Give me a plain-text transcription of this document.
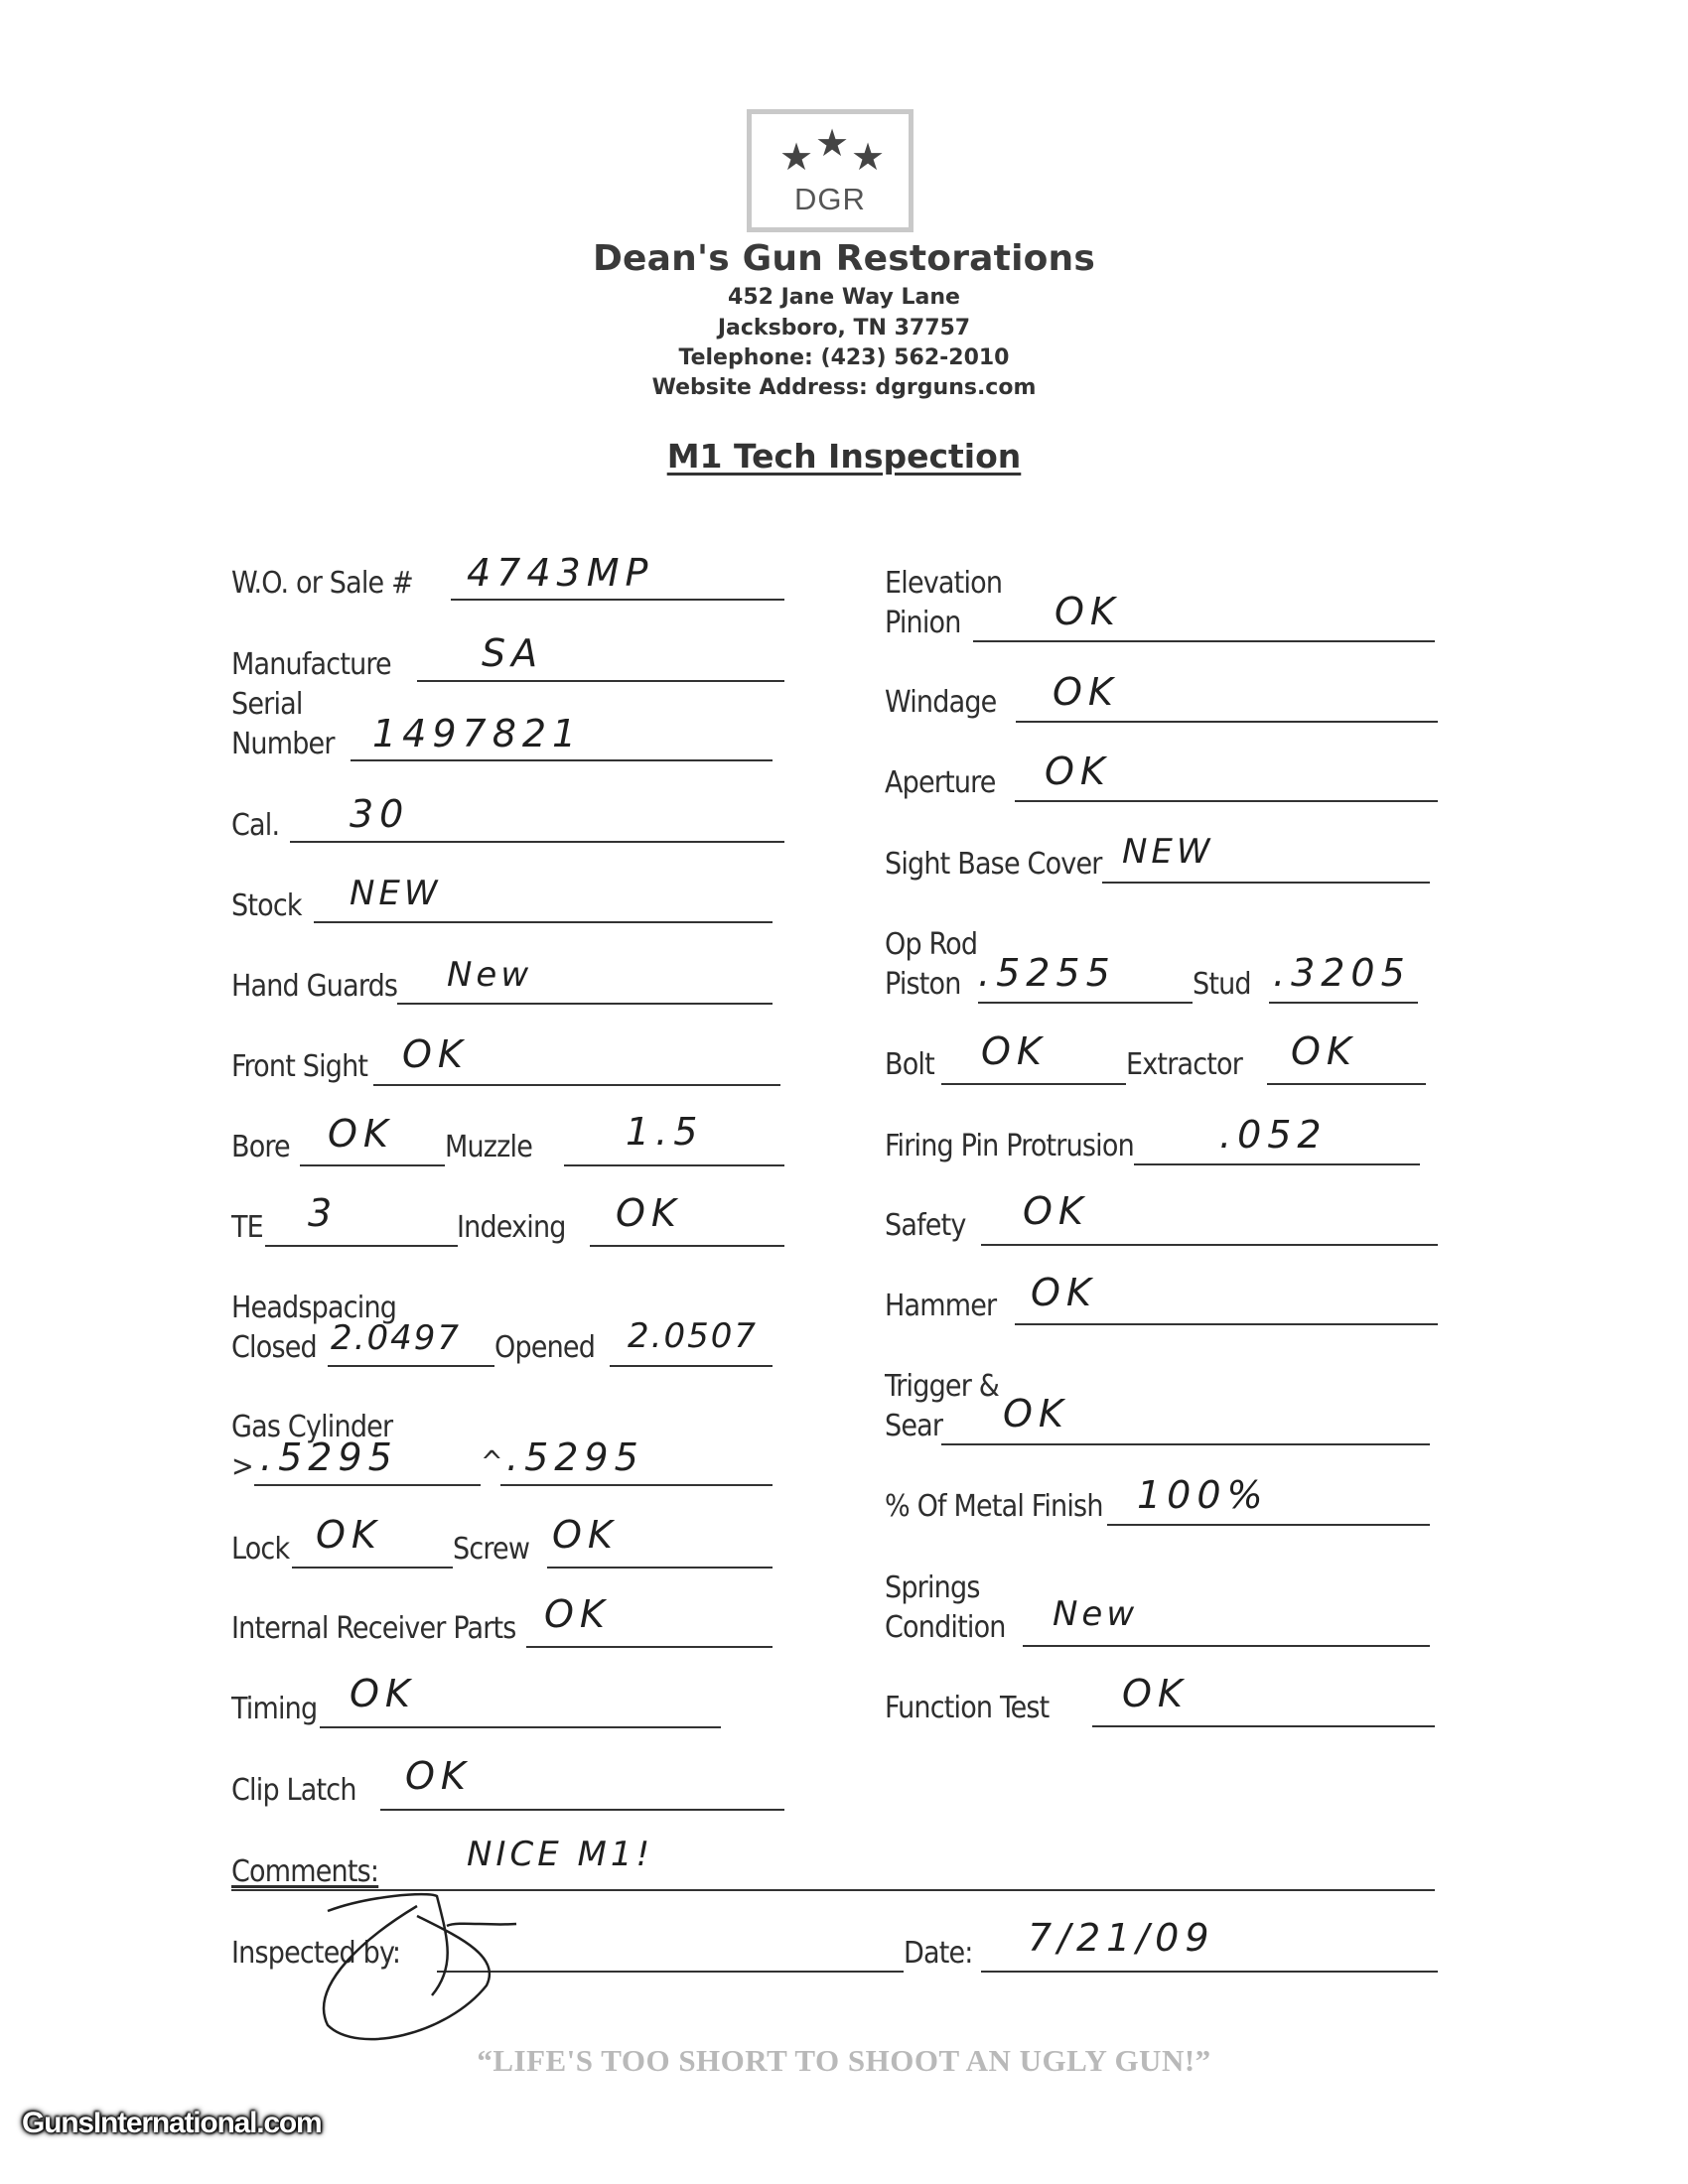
★ ★ ★
DGR
Dean's Gun Restorations
452 Jane Way Lane
Jacksboro, TN 37757
Telephone: (423) 562-2010
Website Address: dgrguns.com
M1 Tech Inspection
W.O. or Sale # 4743MP
Manufacture SA
Serial
Number 1497821
Cal. 30
Stock NEW
Hand Guards New
Front Sight OK
Bore OK Muzzle 1.5
TE 3	Indexing OK
Headspacing
Closed 2.0497 Opened 2.0507
Gas Cylinder
> .5295	^ .5295
Lock OK Screw OK
Internal Receiver Parts OK
Timing OK
Clip Latch OK
Elevation
Pinion OK
Windage OK
Aperture OK
Sight Base Cover NEW
Op Rod
Piston .5255	Stud .3205
Bolt OK	Extractor OK
Firing Pin Protrusion .052
Safety OK
Hammer OK
Trigger &
Sear OK
% Of Metal Finish 100%
Springs
Condition New
Function Test OK
Comments:	NICE M1!
Inspected by:	Date: 7/21/09
“LIFE'S TOO SHORT TO SHOOT AN UGLY GUN!”
GunsInternational.com
